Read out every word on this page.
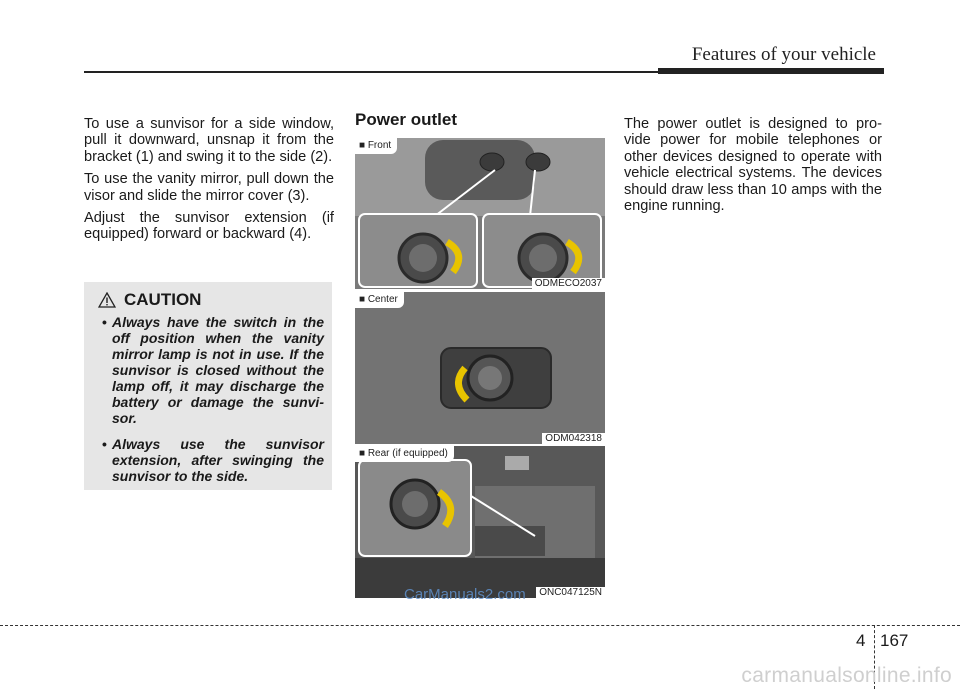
Features of your vehicle

To use a sunvisor for a side window, pull it downward, unsnap it from the bracket (1) and swing it to the side (2).

To use the vanity mirror, pull down the visor and slide the mirror cover (3).

Adjust the sunvisor extension (if equipped) forward or backward (4).

CAUTION
• Always have the switch in the off position when the vanity mirror lamp is not in use. If the sunvisor is closed without the lamp off, it may discharge the battery or damage the sunvi-sor.
• Always use the sunvisor extension, after swinging the sunvisor to the side.
Power outlet
■ Front
ODMECO2037
■ Center
ODM042318
■ Rear (if equipped)
ONC047125N
CarManuals2.com

The power outlet is designed to pro-vide power for mobile telephones or other devices designed to operate with vehicle electrical systems. The devices should draw less than 10 amps with the engine running.

4 167
carmanualsonline.info
